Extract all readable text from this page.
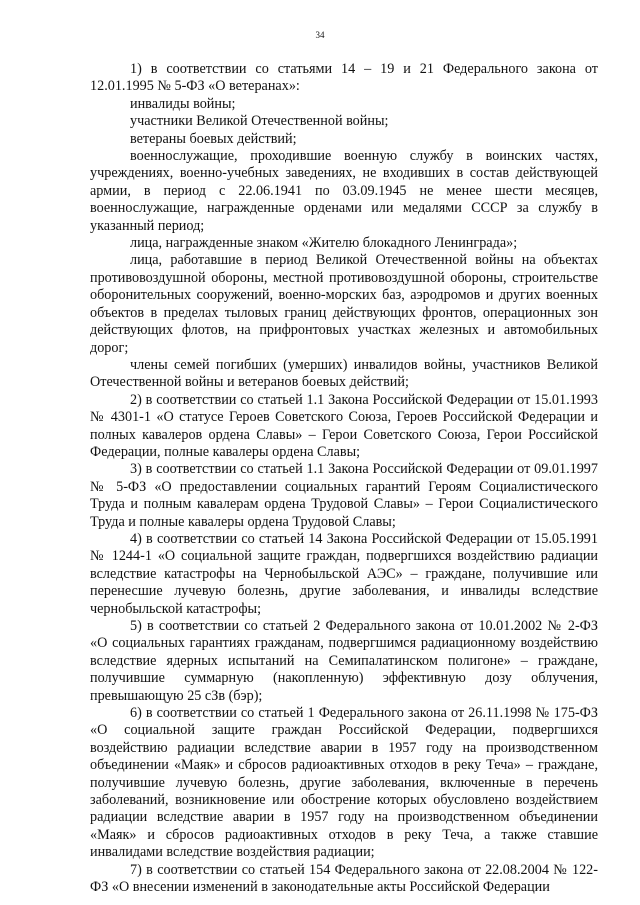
34

1) в соответствии со статьями 14 – 19 и 21 Федерального закона от 12.01.1995 № 5-ФЗ «О ветеранах»:

инвалиды войны;

участники Великой Отечественной войны;

ветераны боевых действий;

военнослужащие, проходившие военную службу в воинских частях, учреждениях, военно-учебных заведениях, не входивших в состав действующей армии, в период с 22.06.1941 по 03.09.1945 не менее шести месяцев, военнослужащие, награжденные орденами или медалями СССР за службу в указанный период;

лица, награжденные знаком «Жителю блокадного Ленинграда»;

лица, работавшие в период Великой Отечественной войны на объектах противовоздушной обороны, местной противовоздушной обороны, строительстве оборонительных сооружений, военно-морских баз, аэродромов и других военных объектов в пределах тыловых границ действующих фронтов, операционных зон действующих флотов, на прифронтовых участках железных и автомобильных дорог;

члены семей погибших (умерших) инвалидов войны, участников Великой Отечественной войны и ветеранов боевых действий;

2) в соответствии со статьей 1.1 Закона Российской Федерации от 15.01.1993 № 4301-1 «О статусе Героев Советского Союза, Героев Российской Федерации и полных кавалеров ордена Славы» – Герои Советского Союза, Герои Российской Федерации, полные кавалеры ордена Славы;

3) в соответствии со статьей 1.1 Закона Российской Федерации от 09.01.1997 № 5-ФЗ «О предоставлении социальных гарантий Героям Социалистического Труда и полным кавалерам ордена Трудовой Славы» – Герои Социалистического Труда и полные кавалеры ордена Трудовой Славы;

4) в соответствии со статьей 14 Закона Российской Федерации от 15.05.1991 № 1244-1 «О социальной защите граждан, подвергшихся воздействию радиации вследствие катастрофы на Чернобыльской АЭС» – граждане, получившие или перенесшие лучевую болезнь, другие заболевания, и инвалиды вследствие чернобыльской катастрофы;

5) в соответствии со статьей 2 Федерального закона от 10.01.2002 № 2-ФЗ «О социальных гарантиях гражданам, подвергшимся радиационному воздействию вследствие ядерных испытаний на Семипалатинском полигоне» – граждане, получившие суммарную (накопленную) эффективную дозу облучения, превышающую 25 сЗв (бэр);

6) в соответствии со статьей 1 Федерального закона от 26.11.1998 № 175-ФЗ «О социальной защите граждан Российской Федерации, подвергшихся воздействию радиации вследствие аварии в 1957 году на производственном объединении «Маяк» и сбросов радиоактивных отходов в реку Теча» – граждане, получившие лучевую болезнь, другие заболевания, включенные в перечень заболеваний, возникновение или обострение которых обусловлено воздействием радиации вследствие аварии в 1957 году на производственном объединении «Маяк» и сбросов радиоактивных отходов в реку Теча, а также ставшие инвалидами вследствие воздействия радиации;

7) в соответствии со статьей 154 Федерального закона от 22.08.2004 № 122-ФЗ «О внесении изменений в законодательные акты Российской Федерации
